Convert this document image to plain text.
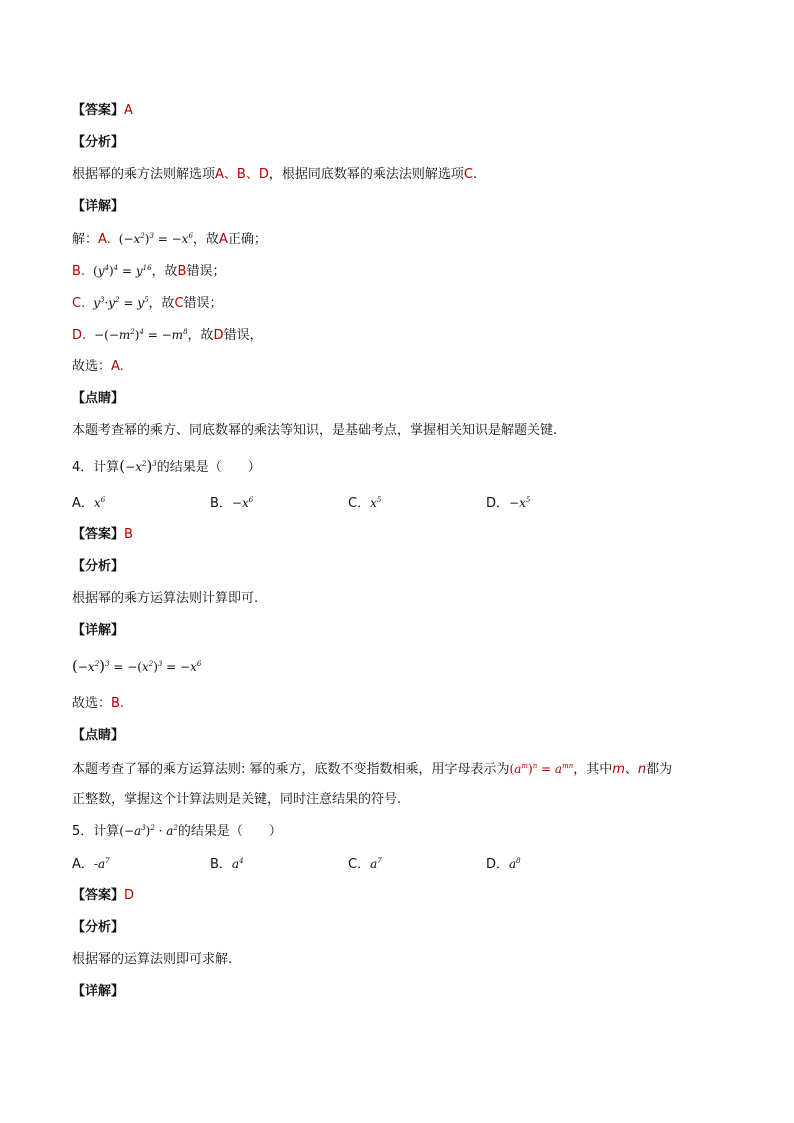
【答案】A
【分析】
根据幂的乘方法则解选项A、B、D，根据同底数幂的乘法法则解选项C.
【详解】
解：A. $(-x^2)^3 = -x^6$，故A正确；
B. $(y^4)^4 = y^{16}$，故B错误；
C.  $y^3\cdot y^2 = y^5$，故C错误；
D.  $-(-m^2)^4 = -m^8$，故D错误，
故选：A.
【点睛】
本题考查幂的乘方、同底数幂的乘法等知识，是基础考点，掌握相关知识是解题关键.
4．计算$(-x^2)^3$的结果是（　　）
A．$x^6$	B．$-x^6$	C．$x^5$	D．$-x^5$
【答案】B
【分析】
根据幂的乘方运算法则计算即可.
【详解】
$(-x^2)^3 = -(x^2)^3 = -x^6$
故选：B.
【点睛】
本题考查了幂的乘方运算法则: 幂的乘方，底数不变指数相乘，用字母表示为$(a^m)^n = a^{mn}$，其中m、n都为
正整数，掌握这个计算法则是关键，同时注意结果的符号.
5．计算$(-a^3)^2 \cdot a^2$的结果是（　　）
A．$-a^7$	B．$a^4$	C．$a^7$	D．$a^8$
【答案】D
【分析】
根据幂的运算法则即可求解.
【详解】
